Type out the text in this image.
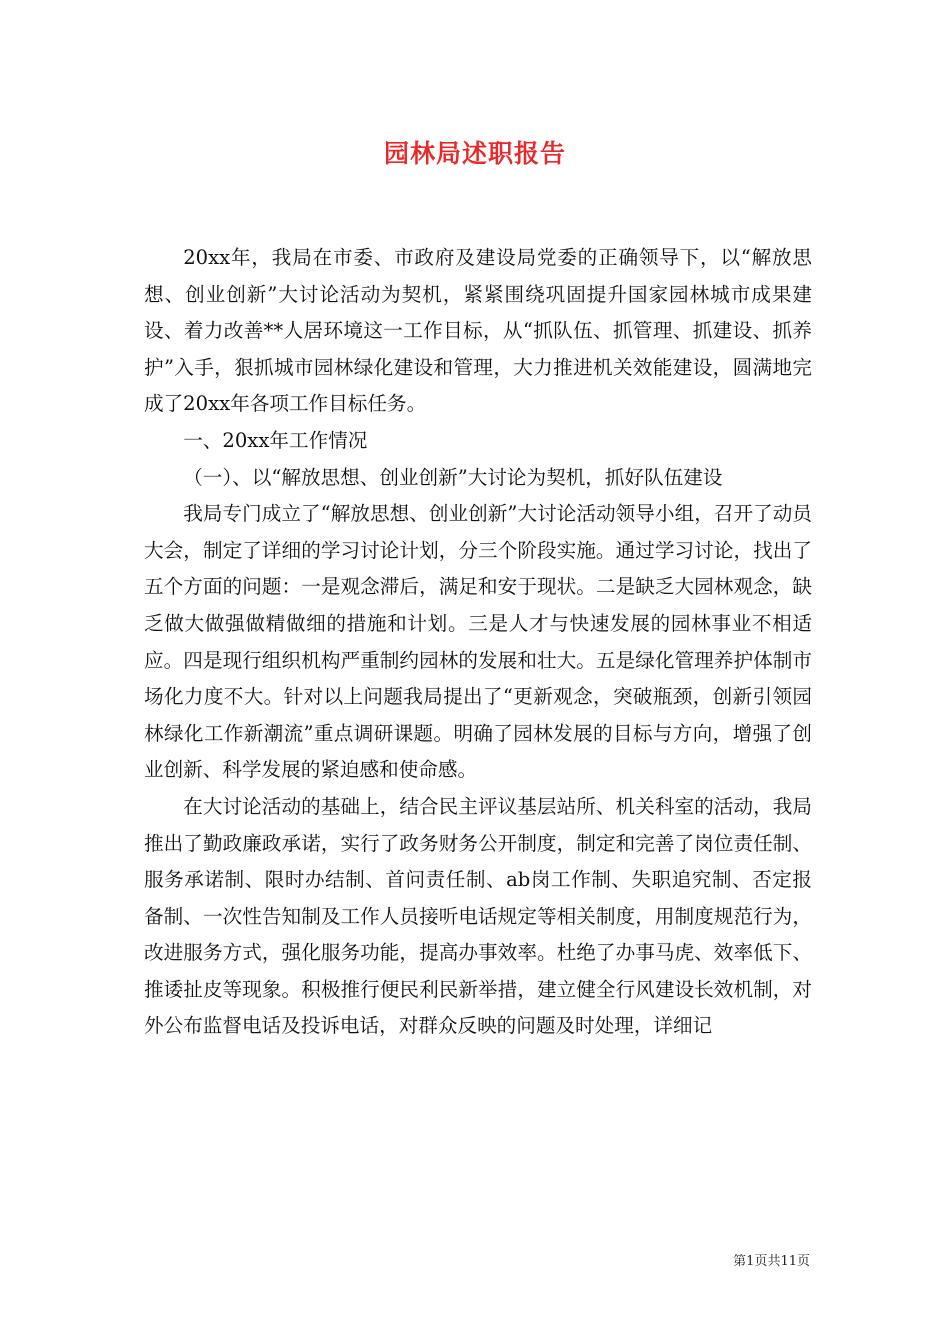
园林局述职报告

20xx年，我局在市委、市政府及建设局党委的正确领导下，以“解放思想、创业创新”大讨论活动为契机，紧紧围绕巩固提升国家园林城市成果建设、着力改善**人居环境这一工作目标，从“抓队伍、抓管理、抓建设、抓养护”入手，狠抓城市园林绿化建设和管理，大力推进机关效能建设，圆满地完成了20xx年各项工作目标任务。

一、20xx年工作情况

（一）、以“解放思想、创业创新”大讨论为契机，抓好队伍建设

我局专门成立了“解放思想、创业创新”大讨论活动领导小组，召开了动员大会，制定了详细的学习讨论计划，分三个阶段实施。通过学习讨论，找出了五个方面的问题：一是观念滞后，满足和安于现状。二是缺乏大园林观念，缺乏做大做强做精做细的措施和计划。三是人才与快速发展的园林事业不相适应。四是现行组织机构严重制约园林的发展和壮大。五是绿化管理养护体制市场化力度不大。针对以上问题我局提出了“更新观念，突破瓶颈，创新引领园林绿化工作新潮流”重点调研课题。明确了园林发展的目标与方向，增强了创业创新、科学发展的紧迫感和使命感。

在大讨论活动的基础上，结合民主评议基层站所、机关科室的活动，我局推出了勤政廉政承诺，实行了政务财务公开制度，制定和完善了岗位责任制、服务承诺制、限时办结制、首问责任制、ab岗工作制、失职追究制、否定报备制、一次性告知制及工作人员接听电话规定等相关制度，用制度规范行为，改进服务方式，强化服务功能，提高办事效率。杜绝了办事马虎、效率低下、推诿扯皮等现象。积极推行便民利民新举措，建立健全行风建设长效机制，对外公布监督电话及投诉电话，对群众反映的问题及时处理，详细记

第1页共11页
